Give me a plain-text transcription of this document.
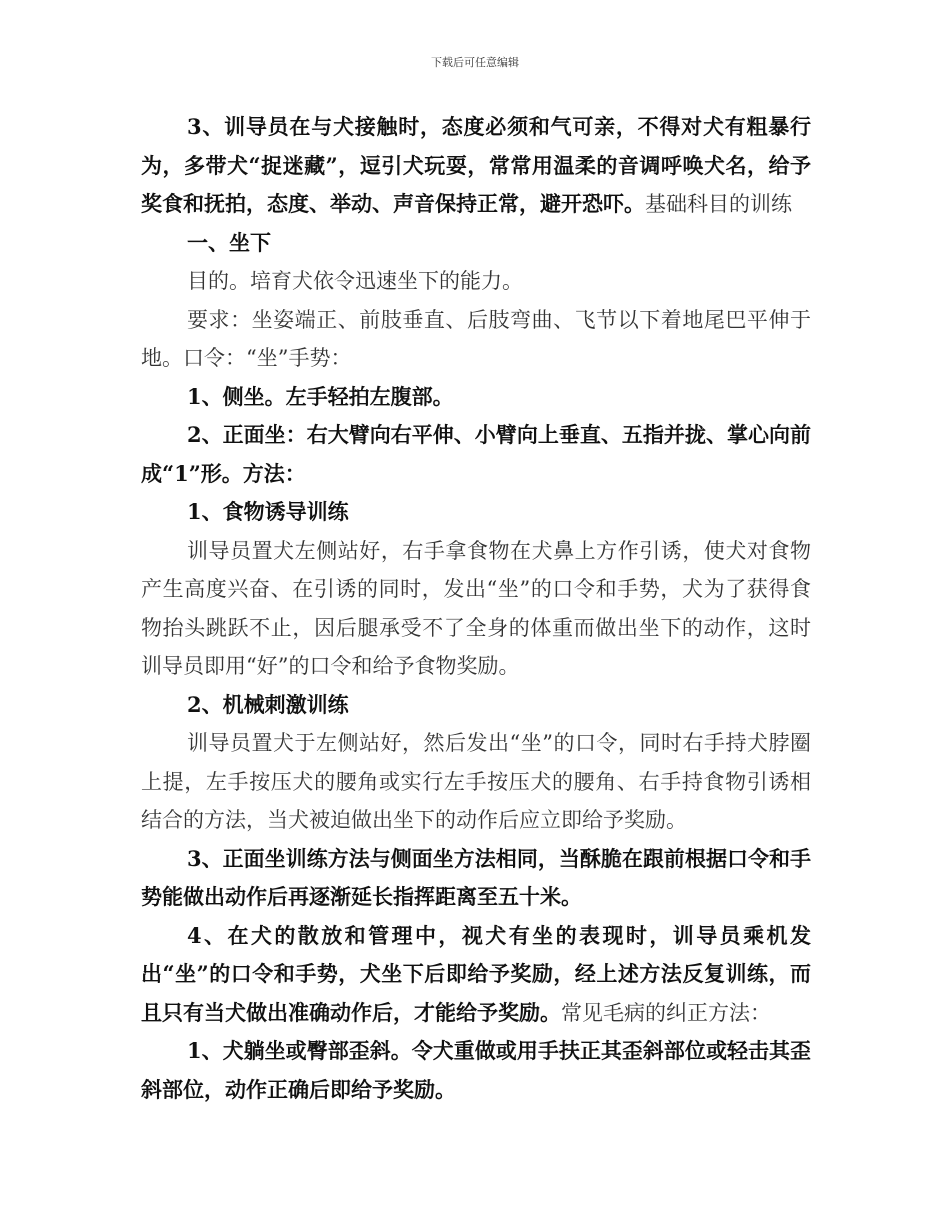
下载后可任意编辑

3、训导员在与犬接触时，态度必须和气可亲，不得对犬有粗暴行为，多带犬“捉迷藏”，逗引犬玩耍，常常用温柔的音调呼唤犬名，给予奖食和抚拍，态度、举动、声音保持正常，避开恐吓。基础科目的训练

一、坐下

目的。培育犬依令迅速坐下的能力。

要求：坐姿端正、前肢垂直、后肢弯曲、飞节以下着地尾巴平伸于地。口令：“坐”手势：

1、侧坐。左手轻拍左腹部。

2、正面坐：右大臂向右平伸、小臂向上垂直、五指并拢、掌心向前成“1”形。方法：

1、食物诱导训练

训导员置犬左侧站好，右手拿食物在犬鼻上方作引诱，使犬对食物产生高度兴奋、在引诱的同时，发出“坐”的口令和手势，犬为了获得食物抬头跳跃不止，因后腿承受不了全身的体重而做出坐下的动作，这时训导员即用“好”的口令和给予食物奖励。

2、机械刺激训练

训导员置犬于左侧站好，然后发出“坐”的口令，同时右手持犬脖圈上提，左手按压犬的腰角或实行左手按压犬的腰角、右手持食物引诱相结合的方法，当犬被迫做出坐下的动作后应立即给予奖励。

3、正面坐训练方法与侧面坐方法相同，当酥脆在跟前根据口令和手势能做出动作后再逐渐延长指挥距离至五十米。

4、在犬的散放和管理中，视犬有坐的表现时，训导员乘机发出“坐”的口令和手势，犬坐下后即给予奖励，经上述方法反复训练，而且只有当犬做出准确动作后，才能给予奖励。常见毛病的纠正方法：

1、犬躺坐或臀部歪斜。令犬重做或用手扶正其歪斜部位或轻击其歪斜部位，动作正确后即给予奖励。
